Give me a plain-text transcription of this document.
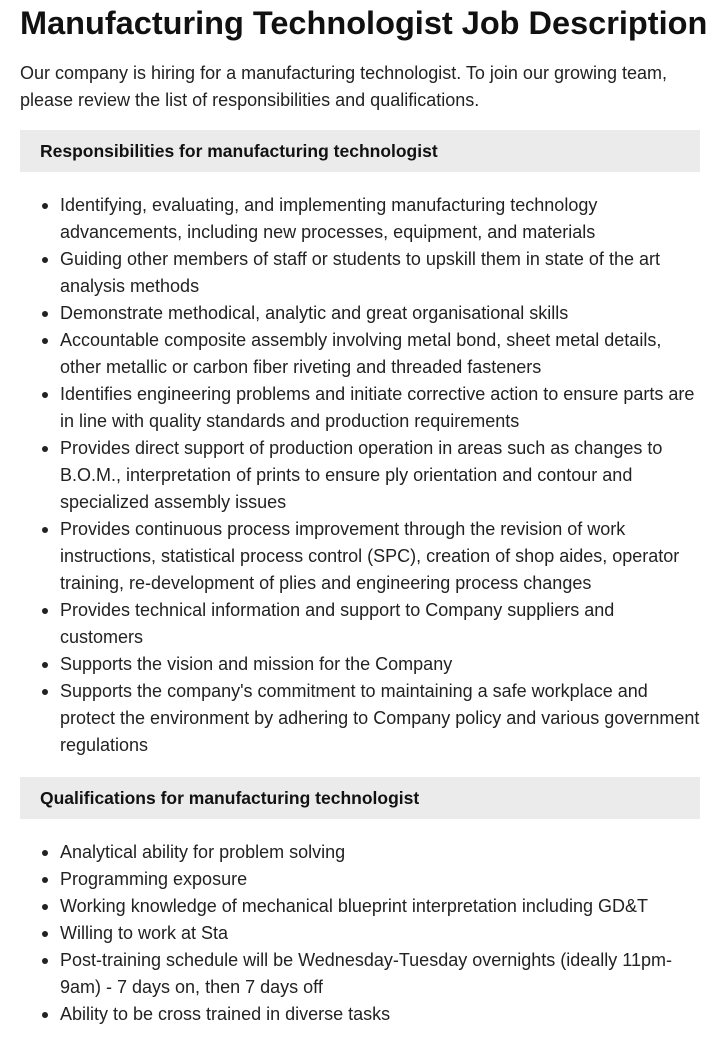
Manufacturing Technologist Job Description

Our company is hiring for a manufacturing technologist. To join our growing team, please review the list of responsibilities and qualifications.

Responsibilities for manufacturing technologist
Identifying, evaluating, and implementing manufacturing technology advancements, including new processes, equipment, and materials
Guiding other members of staff or students to upskill them in state of the art analysis methods
Demonstrate methodical, analytic and great organisational skills
Accountable composite assembly involving metal bond, sheet metal details, other metallic or carbon fiber riveting and threaded fasteners
Identifies engineering problems and initiate corrective action to ensure parts are in line with quality standards and production requirements
Provides direct support of production operation in areas such as changes to B.O.M., interpretation of prints to ensure ply orientation and contour and specialized assembly issues
Provides continuous process improvement through the revision of work instructions, statistical process control (SPC), creation of shop aides, operator training, re-development of plies and engineering process changes
Provides technical information and support to Company suppliers and customers
Supports the vision and mission for the Company
Supports the company's commitment to maintaining a safe workplace and protect the environment by adhering to Company policy and various government regulations
Qualifications for manufacturing technologist
Analytical ability for problem solving
Programming exposure
Working knowledge of mechanical blueprint interpretation including GD&T
Willing to work at Sta
Post-training schedule will be Wednesday-Tuesday overnights (ideally 11pm-9am) - 7 days on, then 7 days off
Ability to be cross trained in diverse tasks
